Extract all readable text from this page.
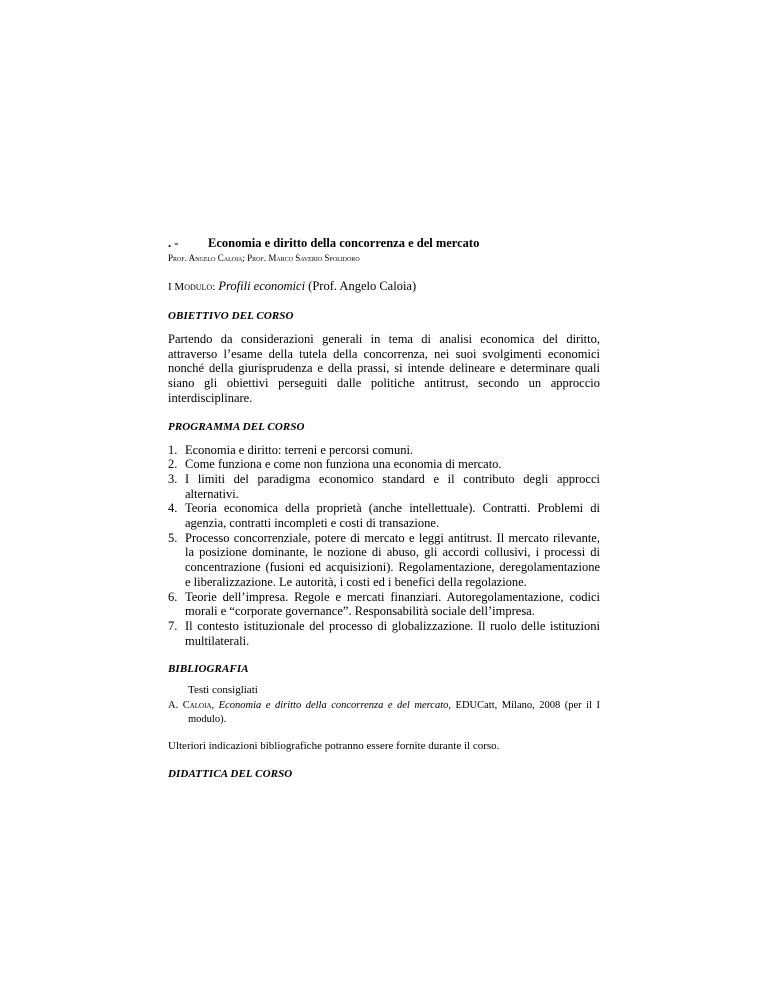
. -	Economia e diritto della concorrenza e del mercato
Prof. Angelo Caloia; Prof. Marco Saverio Spolidoro
I Modulo: Profili economici (Prof. Angelo Caloia)
OBIETTIVO DEL CORSO

Partendo da considerazioni generali in tema di analisi economica del diritto, attraverso l’esame della tutela della concorrenza, nei suoi svolgimenti economici nonché della giurisprudenza e della prassi, si intende delineare e determinare quali siano gli obiettivi perseguiti dalle politiche antitrust, secondo un approccio interdisciplinare.

PROGRAMMA DEL CORSO
1. Economia e diritto: terreni e percorsi comuni.
2. Come funziona e come non funziona una economia di mercato.
3. I limiti del paradigma economico standard e il contributo degli approcci alternativi.
4. Teoria economica della proprietà (anche intellettuale). Contratti. Problemi di agenzia, contratti incompleti e costi di transazione.
5. Processo concorrenziale, potere di mercato e leggi antitrust. Il mercato rilevante, la posizione dominante, le nozione di abuso, gli accordi collusivi, i processi di concentrazione (fusioni ed acquisizioni). Regolamentazione, deregolamentazione e liberalizzazione. Le autorità, i costi ed i benefici della regolazione.
6. Teorie dell’impresa. Regole e mercati finanziari. Autoregolamentazione, codici morali e “corporate governance”. Responsabilità sociale dell’impresa.
7. Il contesto istituzionale del processo di globalizzazione. Il ruolo delle istituzioni multilaterali.
BIBLIOGRAFIA
Testi consigliati

A. Caloia, Economia e diritto della concorrenza e del mercato, EDUCatt, Milano, 2008 (per il I modulo).

Ulteriori indicazioni bibliografiche potranno essere fornite durante il corso.

DIDATTICA DEL CORSO
